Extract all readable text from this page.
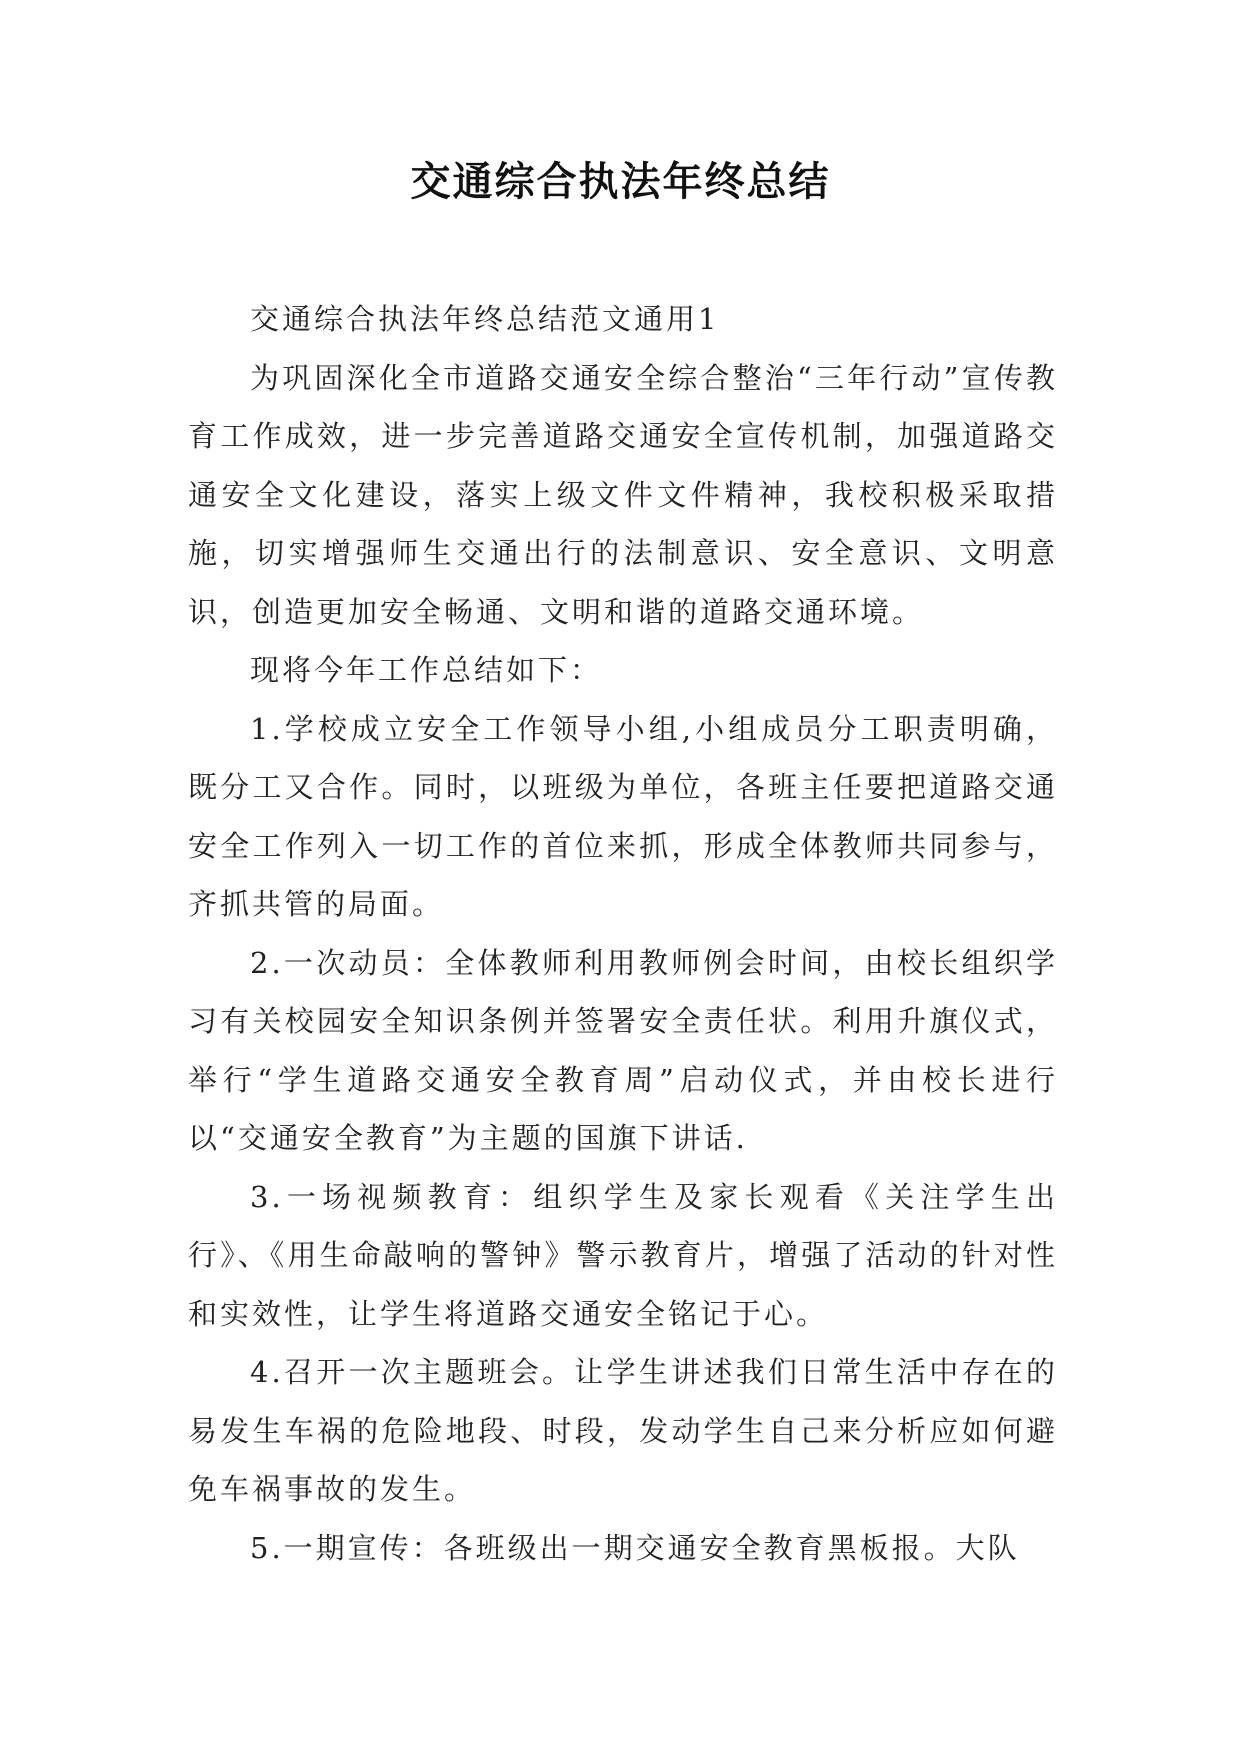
交通综合执法年终总结

交通综合执法年终总结范文通用1

为巩固深化全市道路交通安全综合整治“三年行动”宣传教育工作成效，进一步完善道路交通安全宣传机制，加强道路交通安全文化建设，落实上级文件文件精神，我校积极采取措施，切实增强师生交通出行的法制意识、安全意识、文明意识，创造更加安全畅通、文明和谐的道路交通环境。

现将今年工作总结如下：

1.学校成立安全工作领导小组,小组成员分工职责明确，既分工又合作。同时，以班级为单位，各班主任要把道路交通安全工作列入一切工作的首位来抓，形成全体教师共同参与，齐抓共管的局面。

2.一次动员：全体教师利用教师例会时间，由校长组织学习有关校园安全知识条例并签署安全责任状。利用升旗仪式，举行“学生道路交通安全教育周”启动仪式，并由校长进行以“交通安全教育”为主题的国旗下讲话.

3.一场视频教育：组织学生及家长观看《关注学生出行》、《用生命敲响的警钟》警示教育片，增强了活动的针对性和实效性，让学生将道路交通安全铭记于心。

4.召开一次主题班会。让学生讲述我们日常生活中存在的易发生车祸的危险地段、时段，发动学生自己来分析应如何避免车祸事故的发生。

5.一期宣传：各班级出一期交通安全教育黑板报。大队
